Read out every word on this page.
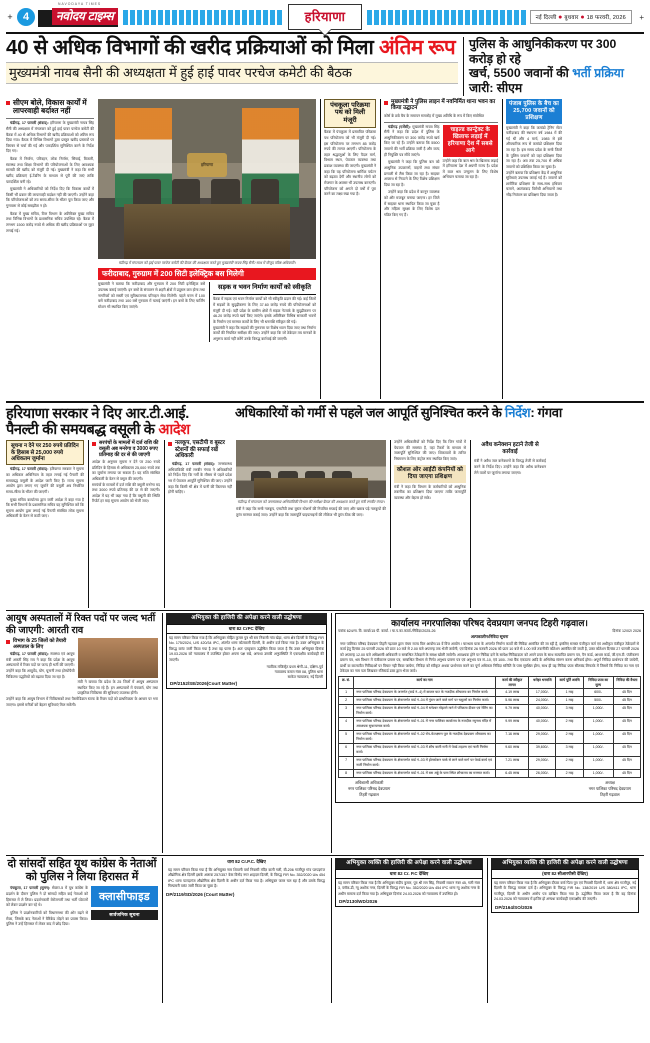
+ 4
NAVODAYA TIMES
नवोदय टाइम्स	हरियाणा	नई दिल्ली ● बुधवार ● 18 फरवरी, 2026	+
40 से अधिक विभागों की खरीद प्रक्रियाओं को मिला अंतिम रूप
मुख्यमंत्री नायब सैनी की अध्यक्षता में हुई हाई पावर परचेज कमेटी की बैठक
पुलिस के आधुनिकीकरण पर 300 करोड़ हो रहे
खर्च, 5500 जवानों की भर्ती प्रक्रिया जारी: सीएम
सीएम बोले, विकास कार्यों में लापरवाही बर्दाश्त नहीं

चंडीगढ़, 17 फरवरी (संवाद): हरियाणा के मुख्यमंत्री नायब सिंह सैनी की अध्यक्षता में मंगलवार को हुई हाई पावर परचेज कमेटी की बैठक में 40 से अधिक विभागों की खरीद प्रक्रियाओं को अंतिम रूप दिया गया। बैठक में विभिन्न विभागों द्वारा प्रस्तुत खरीद प्रस्तावों पर विस्तार से चर्चा की गई और पारदर्शिता सुनिश्चित करने के निर्देश दिए गए।

बैठक में निर्माण, परिवहन, लोक निर्माण, सिंचाई, बिजली, स्वास्थ्य तथा शिक्षा विभागों की परियोजनाओं के लिए आवश्यक सामग्री की खरीद को मंजूरी दी गई। मुख्यमंत्री ने कहा कि सभी खरीद प्रक्रियाएं ई-टेंडरिंग के माध्यम से पूरी की जाएं ताकि पारदर्शिता बनी रहे।

मुख्यमंत्री ने अधिकारियों को निर्देश दिए कि विकास कार्यों में किसी भी प्रकार की लापरवाही बर्दाश्त नहीं की जाएगी। उन्होंने कहा कि परियोजनाओं को तय समय-सीमा के भीतर पूरा किया जाए और गुणवत्ता से कोई समझौता न हो।

बैठक में मुख्य सचिव, वित्त विभाग के अतिरिक्त मुख्य सचिव तथा विभिन्न विभागों के प्रशासनिक सचिव उपस्थित रहे। बैठक में लगभग 1500 करोड़ रुपये से अधिक की खरीद प्रक्रियाओं पर मुहर लगाई गई।

हरियाणा
चंडीगढ़ में मंगलवार को हाई पावर परचेज कमेटी की बैठक की अध्यक्षता करते हुए मुख्यमंत्री नायब सिंह सैनी। साथ में मौजूद वरिष्ठ अधिकारी।
फरीदाबाद, गुरुग्राम में 200 सिटी इलेक्ट्रिक बस मिलेगी
मुख्यमंत्री ने बताया कि फरीदाबाद और गुरुग्राम में 200 सिटी इलेक्ट्रिक बसें उपलब्ध कराई जाएंगी। इन बसों के संचालन से शहरी क्षेत्रों में प्रदूषण कम होगा तथा नागरिकों को सस्ती एवं सुविधाजनक परिवहन सेवा मिलेगी। पहले चरण में 100 बसें फरीदाबाद तथा 100 बसें गुरुग्राम में चलाई जाएंगी। इन बसों के लिए चार्जिंग स्टेशन भी स्थापित किए जाएंगे।
सड़क व भवन निर्माण कार्यों को स्वीकृति
बैठक में सड़क एवं भवन निर्माण कार्यों को भी स्वीकृति प्रदान की गई। कई जिलों में सड़कों के सुदृढ़ीकरण के लिए 37.60 करोड़ रुपये की परियोजनाओं को मंजूरी दी गई। वहीं प्रदेश के ग्रामीण क्षेत्रों में सड़क नेटवर्क के सुदृढ़ीकरण पर 46.20 करोड़ रुपये खर्च किए जाएंगे। इसके अतिरिक्त विभिन्न सरकारी भवनों के निर्माण एवं मरम्मत कार्यों के लिए भी धनराशि स्वीकृत की गई।
मुख्यमंत्री ने कहा कि सड़कों की गुणवत्ता पर विशेष ध्यान दिया जाए तथा निर्माण कार्यों की नियमित समीक्षा की जाए। उन्होंने कहा कि जो ठेकेदार तय मानकों के अनुरूप कार्य नहीं करेंगे उनके विरुद्ध कार्रवाई की जाएगी।
पंचकूला परिक्रमा पथ को मिली मंजूरी
बैठक में पंचकूला में प्रस्तावित परिक्रमा पथ परियोजना को भी मंजूरी दी गई। इस परियोजना पर लगभग 85 करोड़ रुपये की लागत आएगी। परियोजना के तहत श्रद्धालुओं के लिए पैदल मार्ग, विश्राम स्थल, पेयजल व्यवस्था तथा प्रकाश व्यवस्था की जाएगी। मुख्यमंत्री ने कहा कि यह परियोजना धार्मिक पर्यटन को बढ़ावा देगी और स्थानीय लोगों को रोजगार के अवसर भी उपलब्ध कराएगी। परियोजना को अगले दो वर्षों में पूरा करने का लक्ष्य रखा गया है।
मुख्यमंत्री ने पुलिस लाइन में नवनिर्मित थाना भवन का किया उद्घाटन
कोर्स के छठे बैच के समापन समारोह में मुख्य अतिथि के रूप में किए संबोधित

चंडीगढ़ (एजेंसी): मुख्यमंत्री नायब सिंह सैनी ने कहा कि प्रदेश में पुलिस के आधुनिकीकरण पर 300 करोड़ रुपये खर्च किए जा रहे हैं। उन्होंने बताया कि 5500 जवानों की भर्ती प्रक्रिया जारी है और जल्द ही नियुक्ति पत्र सौंपे जाएंगे।

मुख्यमंत्री ने कहा कि पुलिस बल को आधुनिक उपकरणों, वाहनों तथा संचार प्रणाली से लैस किया जा रहा है। साइबर अपराध से निपटने के लिए विशेष प्रशिक्षण दिया जा रहा है।

उन्होंने कहा कि प्रदेश में कानून व्यवस्था को और मजबूत बनाया जाएगा। हर जिले में साइबर थाना स्थापित किया जा चुका है और महिला सुरक्षा के लिए विशेष दल गठित किए गए हैं।

चाइल्ड कान्ट्रेक्ट के खिलाफ लड़ाई में हरियाणा देश में सबसे आगे
उन्होंने कहा कि बाल श्रम के खिलाफ लड़ाई में हरियाणा देश में अग्रणी राज्य है। प्रदेश में बाल श्रम उन्मूलन के लिए विशेष अभियान चलाया जा रहा है।
पंजाब पुलिस के बैच का 25,700 जवानों को प्रशिक्षण
मुख्यमंत्री ने कहा कि कमांडो ट्रेनिंग सेंटर फरीदाबाद की स्थापना वर्ष 1984 में की गई थी और 4 मार्च, 1985 से इसे औपचारिक रूप से कमांडो प्रशिक्षण दिया जा रहा है। इस समय प्रदेश के सभी जिलों के पुलिस जवानों को यहां प्रशिक्षण दिया जा रहा है। अब तक 25,700 से अधिक जवानों को प्रशिक्षित किया जा चुका है।
उन्होंने बताया कि प्रशिक्षण केंद्र में आधुनिक सुविधाएं उपलब्ध कराई गई हैं। जवानों को शारीरिक प्रशिक्षण के साथ-साथ हथियार चलाने, आतंकवाद विरोधी अभियानों तथा भीड़ नियंत्रण का प्रशिक्षण दिया जाता है।
हरियाणा सरकार ने दिए आर.टी.आई.
पैनल्टी की समयबद्ध वसूली के आदेश
अधिकारियों को गर्मी से पहले जल आपूर्ति सुनिश्चित करने के निर्देश: गंगवा
सूचना न देने पर 250 रुपये प्रतिदिन के हिसाब से 25,000 रुपये अधिकतम जुर्माना

चंडीगढ़, 17 फरवरी (संवाद): हरियाणा सरकार ने सूचना का अधिकार अधिनियम के तहत लगाई गई पैनल्टी की समयबद्ध वसूली के आदेश जारी किए हैं। राज्य सूचना आयोग द्वारा लगाए गए जुर्माने की वसूली अब निर्धारित समय-सीमा के भीतर की जाएगी।

मुख्य सचिव कार्यालय द्वारा जारी आदेश में कहा गया है कि सभी विभागों के प्रशासनिक सचिव यह सुनिश्चित करें कि सूचना आयोग द्वारा लगाई गई पैनल्टी संबंधित लोक सूचना अधिकारी के वेतन से काटी जाए।

सरपंचों के मामलों में दर्ज राशि की वसूली अब मनरेगा व 3000 रुपए प्रतिमाह की दर से की जाएगी
आदेश के अनुसार सूचना न देने पर 250 रुपये प्रतिदिन के हिसाब से अधिकतम 25,000 रुपये तक का जुर्माना लगाया जा सकता है। यह राशि संबंधित अधिकारी के वेतन से वसूल की जाएगी।
सरपंचों के मामलों में दर्ज राशि की वसूली मनरेगा मद तथा 3000 रुपये प्रतिमाह की दर से की जाएगी। आदेश में यह भी कहा गया है कि वसूली की स्थिति रिपोर्ट हर माह सूचना आयोग को भेजी जाए।
नलकूप, एसटीपी व बूस्टर स्टेशनों की सफाई रखें अधिकारी

चंडीगढ़, 17 फरवरी (संवाद): जनस्वास्थ्य अभियांत्रिकी मंत्री रणबीर गंगवा ने अधिकारियों को निर्देश दिए कि गर्मी के मौसम से पहले प्रदेश भर में पेयजल आपूर्ति सुनिश्चित की जाए। उन्होंने कहा कि किसी भी क्षेत्र में पानी की किल्लत नहीं होनी चाहिए।

चंडीगढ़ में मंगलवार को जनस्वास्थ्य अभियांत्रिकी विभाग की समीक्षा बैठक की अध्यक्षता करते हुए मंत्री रणबीर गंगवा।
मंत्री ने कहा कि सभी नलकूप, एसटीपी तथा बूस्टर स्टेशनों की नियमित सफाई की जाए और खराब पड़े नलकूपों की तुरंत मरम्मत कराई जाए। उन्होंने कहा कि जलापूर्ति पाइपलाइनों की लीकेज भी तुरंत ठीक की जाए।
उन्होंने अधिकारियों को निर्देश दिए कि जिन गांवों में पेयजल की समस्या है, वहां टैंकरों के माध्यम से जलापूर्ति सुनिश्चित की जाए। शिकायतों के त्वरित निस्तारण के लिए कंट्रोल रूम स्थापित किए जाएं।
कौशल ओर आईटी कंपनियों को दिया जाएगा प्रशिक्षण
मंत्री ने कहा कि विभाग के कर्मचारियों को आधुनिक तकनीक का प्रशिक्षण दिया जाएगा ताकि जलापूर्ति व्यवस्था और बेहतर हो सके।
अवैध कनेक्शन हटाने तेजी से कार्रवाई
मंत्री ने अवैध जल कनेक्शनों के विरुद्ध तेजी से कार्रवाई करने के निर्देश दिए। उन्होंने कहा कि अवैध कनेक्शन लेने वालों पर जुर्माना लगाया जाएगा।
आयुष अस्पतालों में रिक्त पदों पर जल्द भर्ती की जाएगी: आरती राव
विभाग के 25 जिलों को तैयारी अस्पताल के लिए

चंडीगढ़, 17 फरवरी (संवाद): स्वास्थ्य एवं आयुष मंत्री आरती सिंह राव ने कहा कि प्रदेश के आयुष अस्पतालों में रिक्त पदों पर जल्द ही भर्ती की जाएगी। उन्होंने कहा कि आयुर्वेद, योग, यूनानी तथा होम्योपैथी चिकित्सा पद्धतियों को बढ़ावा दिया जा रहा है।

मंत्री ने बताया कि प्रदेश के 25 जिलों में आयुष अस्पताल स्थापित किए जा रहे हैं। इन अस्पतालों में पंचकर्म, योग तथा प्राकृतिक चिकित्सा की सुविधाएं उपलब्ध होंगी।
उन्होंने कहा कि आयुष विभाग में चिकित्सकों तथा पैरामेडिकल स्टाफ के रिक्त पदों को प्राथमिकता के आधार पर भरा जाएगा। इससे मरीजों को बेहतर सुविधाएं मिल सकेंगी।
अभियुक्त की हाजिरी की अपेक्षा करने वाली उद्घोषणा
धारा 82 CrPC देखिए
यह समन परिवार किया गया है कि अभियुक्त मोहित कुमार पुत्र श्री राम निवासी गांव खेड़ा, थाना क्षेत्र दिल्ली के विरुद्ध FIR No. 175/2024, U/S 420/34 IPC, अंतर्गत थाना कोतवाली दिल्ली, के अधीन दर्ज किया गया है। उक्त अभियुक्त के विरुद्ध वारंट जारी किया गया है तथा वह फरार है। अतः एतद्द्वारा उद्घोषित किया जाता है कि उक्त अभियुक्त दिनांक 19.03.2026 को न्यायालय में उपस्थित होकर अपना पक्ष रखे, अन्यथा उसकी अनुपस्थिति में एकपक्षीय कार्यवाही की जाएगी।
न्यायिक मजिस्ट्रेट प्रथम श्रेणी-11, दक्षिण-पूर्व
न्यायालय कमरा नंबर 08, पुलिस थाना
साकेत न्यायालय, नई दिल्ली
DP/2152/SE/2026(Court Matter)
कार्यालय नगरपालिका परिषद देवप्रयाग जनपद टिहरी गढ़वाल।
पत्रांक 624/ना. वि. कार्या/15 पी. कार्या. / चा.प.का.कार्या./निविदा/2025-26	दिनांक 12/02/ 2026
अल्पकालीन/निविदा सूचना
नगर पालिका परिषद देवप्रयाग टिहरी गढ़वाल द्वारा पंचम राज्य वित्त आयोग/15 वें वित्त आयोग / चारधाम यात्रा के अन्तर्गत निर्माण कार्यों की निविदा आमंत्रित की जा रही है, इसलिए समस्त पंजीकृत फर्म एवं अधीकृत पंजीकृत ठेकेदारों से कार्य हेतु दिनांक 25 फरवरी 2026 को प्रातः 10 बजे से 2.00 बजे अपरान्ह तक भेजी जायेगी, एवं दिनांक 26 फरवरी 2026 को प्रातः 10 बजे से 1.00 बजे तकनीकी कोटेशन आमंत्रित की जाती है, उक्त कोटेशन दिनांक 27 फरवरी 2026 को अपरान्ह 12.00 बजे अधिशासी अधिकारी व सम्बन्धित ठेकेदारों के समक्ष खोली जायेगी। आवश्यक होने पर निविदा दरों के सापेक्ष निविदादाता को अपने प्रपत्र के साथ सत्यापित प्रमाण पत्र, पैन कार्ड, आधार कार्ड, जी.एस.टी. पंजीकरण प्रमाण पत्र, श्रम विभाग में पंजीकरण प्रमाण पत्र, सम्बन्धित विभाग से निर्गत अनुभव प्रमाण पत्र एवं अनुभव पत्र सं.-10, एवं 100/- तथा बैंक एकाउन्ट आदि के अभिलेख संलग्न करना अनिवार्य होगा। अपूर्ण निविदा प्रार्थनपत्र की जायेगी, प्रार्थी या कालातीत निविदाओं पर विचार नहीं किया जायेगा, निविदा को स्वीकृत अथवा प्रार्थनपत्र करने का पूर्ण अधिकार निविदा समिति के पास सुरक्षित होगा, साथ ही यह निविदा प्रपत्र सीलबंद लिफाफे में जिसमें कि निविदा का नाम एवं ठेकेदार का नाम पता लिखकर रजिस्टर्ड डाक द्वारा भेजा जाये।
क्र. सं.	कार्य का नाम	कार्य की स्वीकृत लागत	धरोहर धनराशि	कार्य पूर्ति अवधि	निविदा प्रपत्र का मूल्य	निविदा की वैधता
1	नगर पालिका परिषद देवप्रयाग के अन्तर्गत (वार्ड नं.-4) में बाजार घाट के नजदीक शौचालय का निर्माण कार्य।	4.19 लाख	17,000/-	1 माह	600/-	45 दिन
2	नगर पालिका परिषद देवप्रयाग के क्षेत्रान्तर्गत वार्ड नं.-04 में गुंठन जाने वाले मार्ग पर चबूतरों का निर्माण कार्य।	5.96 लाख	24,000/-	1 माह	500/-	45 दिन
3	नगर पालिका परिषद देवप्रयाग के क्षेत्रान्तर्गत वार्ड नं.-04 में धनेश्वर मोहल्ले मार्ग में परिक्रमा दीवार एवं रेलिंग का निर्माण कार्य।	9.79 लाख	40,000/-	3 माह	1,000/-	45 दिन
4	नगर पालिका परिषद देवप्रयाग के क्षेत्रान्तर्गत वार्ड नं.-01 में नगर पालिका कार्यालय के नजदीक रघुनाथ मंदिर में आवश्यक सुधारात्मक कार्य।	9.99 लाख	40,000/-	2 माह	1,000/-	45 दिन
5	नगर पालिका परिषद देवप्रयाग के क्षेत्रान्तर्गत वार्ड नं.-02 रोप-वे/लक्ष्मण पुल के नजदीक देवप्रयाग शौचालय का निर्माण कार्य।	7.16 लाख	29,000/-	2 माह	1,000/-	45 दिन
6	नगर पालिका परिषद देवप्रयाग के क्षेत्रान्तर्गत वार्ड नं.-03 में शौच वाली गली में पेवर्ड टाइल्स एवं नाली निर्माण कार्य।	9.60 लाख	39,600/-	3 माह	1,000/-	45 दिन
7	नगर पालिका परिषद देवप्रयाग के क्षेत्रान्तर्गत वार्ड नं.-03 में होमस्टेशन पार्क से लाने वाले मार्ग पर पेवर्ड कार्य एवं नाली निर्माण कार्य।	7.21 लाख	29,000/-	2 माह	1,000/-	45 दिन
8	नगर पालिका परिषद देवप्रयाग के क्षेत्रान्तर्गत वार्ड नं.-01 में बस अड्डे के पास स्थित शौचालय का मरम्मत कार्य।	6.45 लाख	26,000/-	2 माह	1,000/-	45 दिन
अधिशासी अधिकारी
नगर पालिका परिषद देवप्रयाग
टिहरी गढ़वाल
अध्यक्ष
नगर पालिका परिषद देवप्रयाग
टिहरी गढ़वाल
दो सांसदों सहित यूथ कांग्रेस के नेताओं को पुलिस ने लिया हिरासत में

पंचकूला, 17 फरवरी (सुमन): सेक्टर-5 में यूथ कांग्रेस के प्रदर्शन के दौरान पुलिस ने दो सांसदों सहित कई नेताओं को हिरासत में ले लिया। प्रदर्शनकारी बेरोजगारी तथा भर्ती घोटालों को लेकर प्रदर्शन कर रहे थे।

पुलिस ने प्रदर्शनकारियों को विधानसभा की ओर बढ़ने से रोका, जिसके बाद नेताओं ने बैरिकेड तोड़ने का प्रयास किया। पुलिस ने उन्हें हिरासत में लेकर बाद में छोड़ दिया।

क्लासीफाइड
सार्वजनिक सूचना
धारा 82 Cr.P.C. देखिए
यह समन परिवार किया गया है कि अभियुक्त नाम शिवानी वर्मा निवासी मंदिर वाली गली, बी-206 गाजीपुर गांव पटपड़गंज औद्योगिक क्षेत्र दिल्ली इसके अलावा 257/357 वेस्ट विनोद नगर शाहदरा दिल्ली, के विरुद्ध FIR No. 352/2020 U/s 454 IPC थाना पटपड़गंज औद्योगिक क्षेत्र दिल्ली के अधीन दर्ज किया गया है। अभियुक्त फरार चल रहा है और उसके विरुद्ध गिरफ्तारी वारंट जारी किया जा चुका है।
DP/2119/SD/2026 (Court Matter)
अभियुक्त व्यक्ति की हाजिरी की अपेक्षा करने वाली उद्घोषणा
धारा 82 Cr. P.C देखिए
यह समन परिवार किया गया है कि अभियुक्त संदीप कुमार, पुत्र श्री राम सिंह, निवासी मकान नंबर 45, गली नंबर 3, ब्लॉक-डी, न्यू अशोक नगर, दिल्ली के विरुद्ध FIR No. 352/2020 U/s 454 IPC थाना न्यू अशोक नगर के अधीन मामला दर्ज किया गया है। अभियुक्त दिनांक 24.03.2026 को न्यायालय में उपस्थित हो।
DP/2130/WD/2026
अभियुक्त व्यक्ति की हाजिरी की अपेक्षा करने वाली उद्घोषणा
(धारा 82 सीआरपीसी देखिए)
यह समन परिवार किया गया है कि अभियुक्त दीपक वर्मा पिता पुत्र एवं निवासी दिल्ली में, थाना क्षेत्र गाजीपुर, नई दिल्ली के विरुद्ध मामला दर्ज है। अभियुक्त के विरुद्ध FIR No. 138/2019 U/S 380/411 IPC, थाना गाजीपुर, दिल्ली के अधीन आरोप पत्र दाखिल किया गया है। उद्घोषित किया जाता है कि वह दिनांक 24.03.2026 को न्यायालय में हाजिर हो अन्यथा कार्यवाही एकपक्षीय की जाएगी।
DP/2164/SO/2026
